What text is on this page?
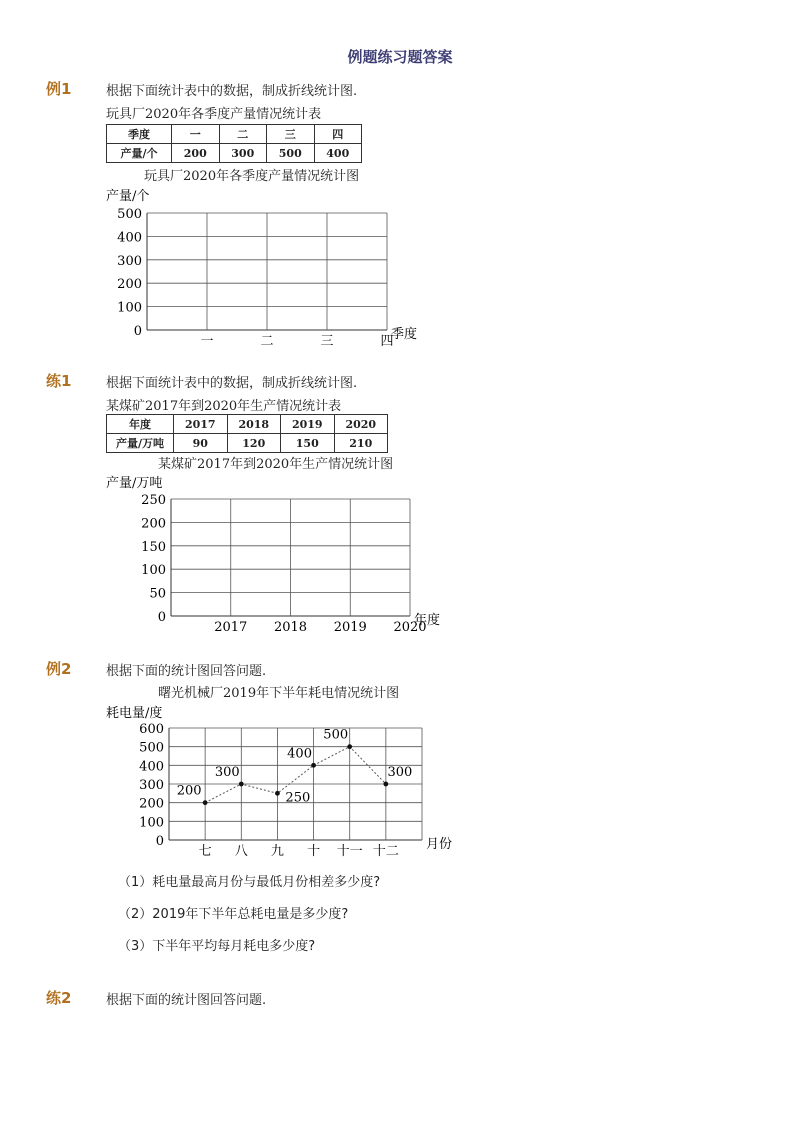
例题练习题答案
例1	根据下面统计表中的数据，制成折线统计图.
玩具厂2020年各季度产量情况统计表
季度	一	二	三	四
产量/个	200	300	500	400
玩具厂2020年各季度产量情况统计图
产量/个
0
100
200
300
400
500
一	二	三	四
季度
练1	根据下面统计表中的数据，制成折线统计图.
某煤矿2017年到2020年生产情况统计表
年度	2017	2018	2019	2020
产量/万吨	90	120	150	210
某煤矿2017年到2020年生产情况统计图
产量/万吨
0
50
100
150
200
250
2017 2018 2019 2020
年度
例2	根据下面的统计图回答问题.
曙光机械厂2019年下半年耗电情况统计图
耗电量/度
0
100
200
300
400
500
600
七 八 九 十 十一 十二 月份
200
300
250
400
500
300
（1）耗电量最高月份与最低月份相差多少度?
（2）2019年下半年总耗电量是多少度?
（3）下半年平均每月耗电多少度?
练2	根据下面的统计图回答问题.
